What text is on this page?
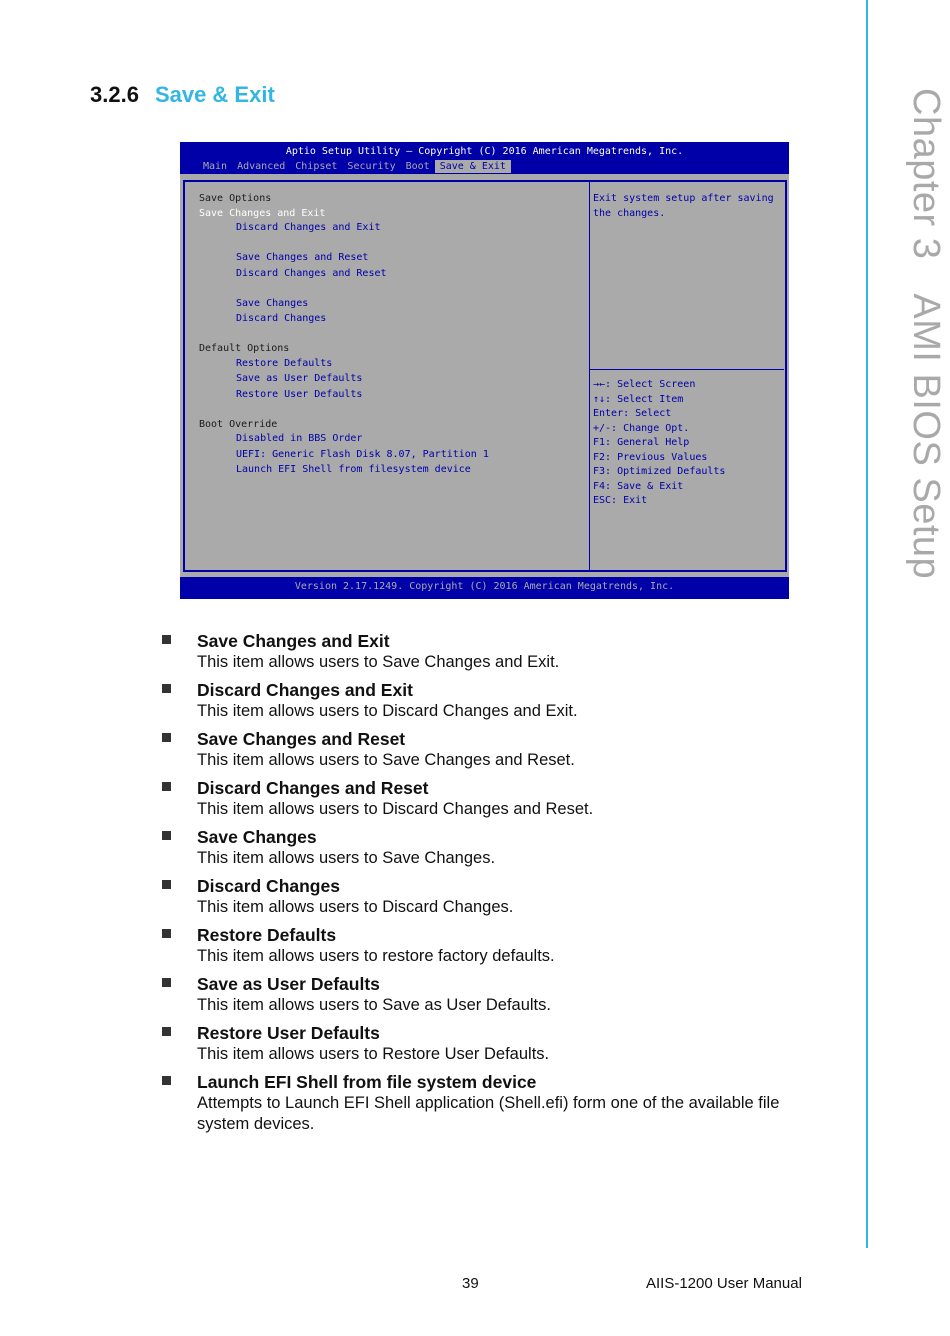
Chapter 3AMI BIOS Setup
3.2.6 Save & Exit
Aptio Setup Utility – Copyright (C) 2016 American Megatrends, Inc.
Main	Advanced	Chipset	Security	Boot	Save & Exit
Save Options
Save Changes and Exit
Discard Changes and Exit
Save Changes and Reset
Discard Changes and Reset
Save Changes
Discard Changes
Default Options
Restore Defaults
Save as User Defaults
Restore User Defaults
Boot Override
Disabled in BBS Order
UEFI: Generic Flash Disk 8.07, Partition 1
Launch EFI Shell from filesystem device
Exit system setup after saving
the changes.
→←: Select Screen
↑↓: Select Item
Enter: Select
+/-: Change Opt.
F1: General Help
F2: Previous Values
F3: Optimized Defaults
F4: Save & Exit
ESC: Exit
Version 2.17.1249. Copyright (C) 2016 American Megatrends, Inc.
Save Changes and Exit
This item allows users to Save Changes and Exit.
Discard Changes and Exit
This item allows users to Discard Changes and Exit.
Save Changes and Reset
This item allows users to Save Changes and Reset.
Discard Changes and Reset
This item allows users to Discard Changes and Reset.
Save Changes
This item allows users to Save Changes.
Discard Changes
This item allows users to Discard Changes.
Restore Defaults
This item allows users to restore factory defaults.
Save as User Defaults
This item allows users to Save as User Defaults.
Restore User Defaults
This item allows users to Restore User Defaults.
Launch EFI Shell from file system device
Attempts to Launch EFI Shell application (Shell.efi) form one of the available file system devices.
39	AIIS-1200 User Manual
